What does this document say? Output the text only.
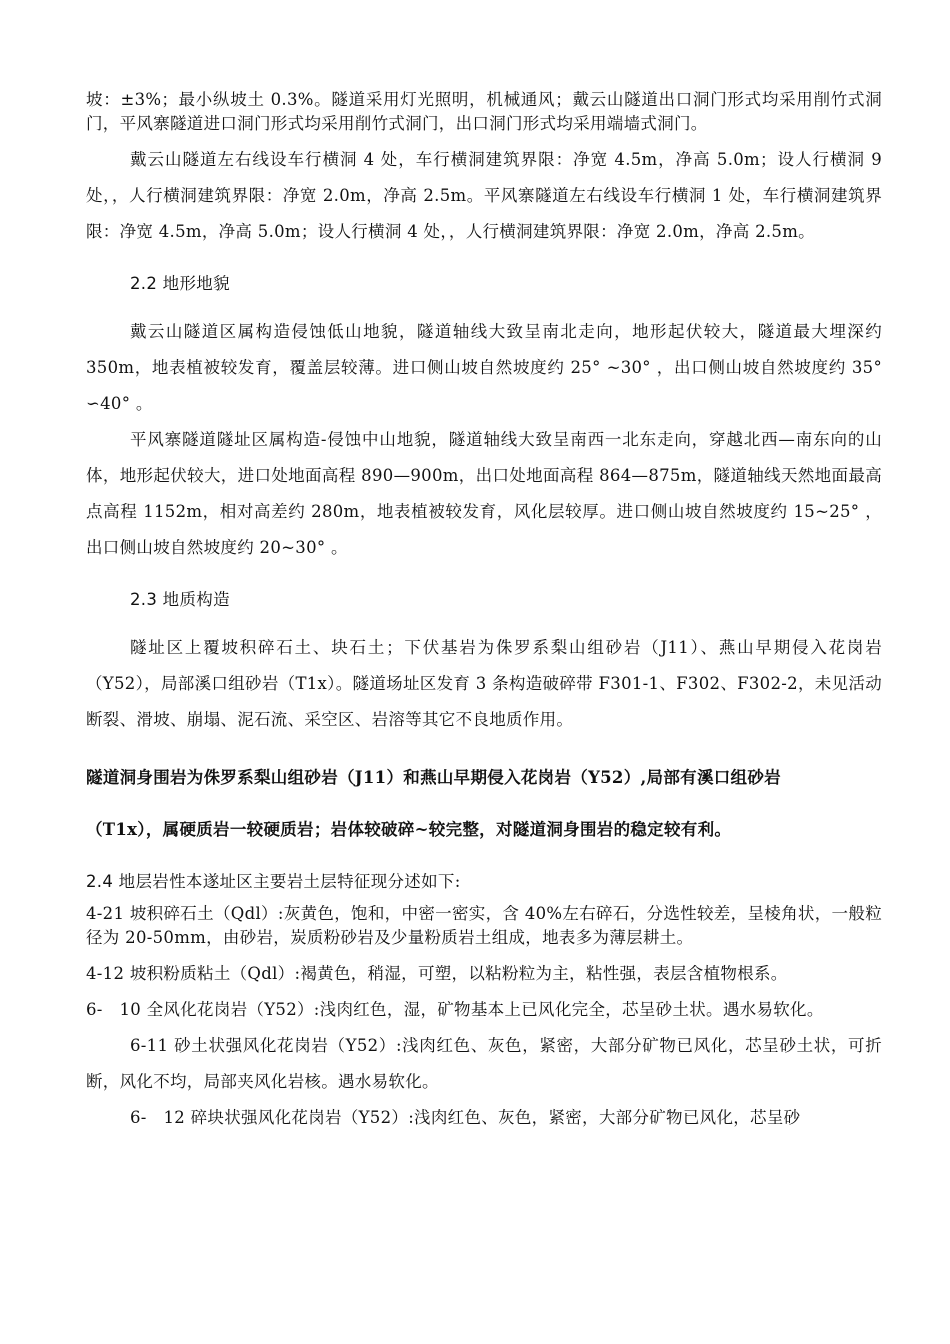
坡：±3%；最小纵坡土 0.3%。隧道采用灯光照明，机械通风；戴云山隧道出口洞门形式均采用削竹式洞门，平风寨隧道进口洞门形式均采用削竹式洞门，出口洞门形式均采用端墙式洞门。

戴云山隧道左右线设车行横洞 4 处，车行横洞建筑界限：净宽 4.5m，净高 5.0m；设人行横洞 9 处，，人行横洞建筑界限：净宽 2.0m，净高 2.5m。平风寨隧道左右线设车行横洞 1 处，车行横洞建筑界限：净宽 4.5m，净高 5.0m；设人行横洞 4 处，，人行横洞建筑界限：净宽 2.0m，净高 2.5m。

2.2 地形地貌

戴云山隧道区属构造侵蚀低山地貌，隧道轴线大致呈南北走向，地形起伏较大，隧道最大埋深约 350m，地表植被较发育，覆盖层较薄。进口侧山坡自然坡度约 25° ~30° ，出口侧山坡自然坡度约 35° ∽40° 。

平风寨隧道隧址区属构造-侵蚀中山地貌，隧道轴线大致呈南西一北东走向，穿越北西—南东向的山体，地形起伏较大，进口处地面高程 890—900m，出口处地面高程 864—875m，隧道轴线天然地面最高点高程 1152m，相对高差约 280m，地表植被较发育，风化层较厚。进口侧山坡自然坡度约 15~25° ，出口侧山坡自然坡度约 20~30° 。

2.3 地质构造

隧址区上覆坡积碎石土、块石土；下伏基岩为侏罗系梨山组砂岩（J11）、燕山早期侵入花岗岩（Y52），局部溪口组砂岩（T1x）。隧道场址区发育 3 条构造破碎带 F301-1、F302、F302-2，未见活动断裂、滑坡、崩塌、泥石流、采空区、岩溶等其它不良地质作用。

隧道洞身围岩为侏罗系梨山组砂岩（J11）和燕山早期侵入花岗岩（Y52）,局部有溪口组砂岩

（T1x），属硬质岩一较硬质岩；岩体较破碎~较完整，对隧道洞身围岩的稳定较有利。

2.4 地层岩性本遂址区主要岩土层特征现分述如下:

4-21 坡积碎石土（Qdl）:灰黄色，饱和，中密一密实，含 40%左右碎石，分选性较差，呈棱角状，一般粒径为 20-50mm，由砂岩，炭质粉砂岩及少量粉质岩土组成，地表多为薄层耕土。

4-12 坡积粉质粘土（Qdl）:褐黄色，稍湿，可塑，以粘粉粒为主，粘性强，表层含植物根系。

6-　10 全风化花岗岩（Y52）:浅肉红色，湿，矿物基本上已风化完全，芯呈砂土状。遇水易软化。

6-11 砂土状强风化花岗岩（Y52）:浅肉红色、灰色，紧密，大部分矿物已风化，芯呈砂土状，可折断，风化不均，局部夹风化岩核。遇水易软化。

6-　12 碎块状强风化花岗岩（Y52）:浅肉红色、灰色，紧密，大部分矿物已风化，芯呈砂
